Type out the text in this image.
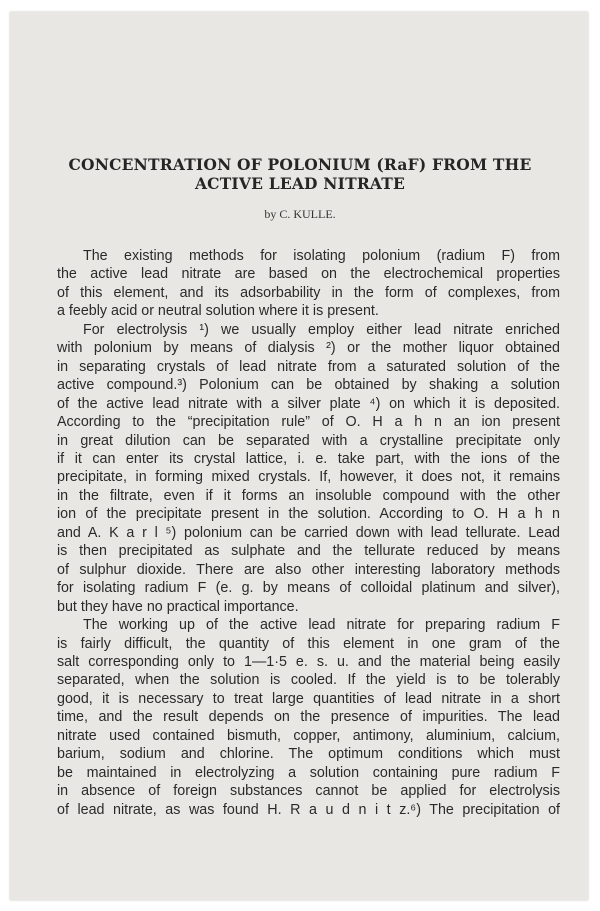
CONCENTRATION OF POLONIUM (RaF) FROM THE
ACTIVE LEAD NITRATE
by C. KULLE.
The existing methods for isolating polonium (radium F) from
the active lead nitrate are based on the electrochemical properties
of this element, and its adsorbability in the form of complexes, from
a feebly acid or neutral solution where it is present.
For electrolysis ¹) we usually employ either lead nitrate enriched
with polonium by means of dialysis ²) or the mother liquor obtained
in separating crystals of lead nitrate from a saturated solution of the
active compound.³) Polonium can be obtained by shaking a solution
of the active lead nitrate with a silver plate ⁴) on which it is deposited.
According to the “precipitation rule” of O. H a h n an ion present
in great dilution can be separated with a crystalline precipitate only
if it can enter its crystal lattice, i. e. take part, with the ions of the
precipitate, in forming mixed crystals. If, however, it does not, it remains
in the filtrate, even if it forms an insoluble compound with the other
ion of the precipitate present in the solution. According to O. H a h n
and A. K a r l ⁵) polonium can be carried down with lead tellurate. Lead
is then precipitated as sulphate and the tellurate reduced by means
of sulphur dioxide. There are also other interesting laboratory methods
for isolating radium F (e. g. by means of colloidal platinum and silver),
but they have no practical importance.
The working up of the active lead nitrate for preparing radium F
is fairly difficult, the quantity of this element in one gram of the
salt corresponding only to 1—1·5 e. s. u. and the material being easily
separated, when the solution is cooled. If the yield is to be tolerably
good, it is necessary to treat large quantities of lead nitrate in a short
time, and the result depends on the presence of impurities. The lead
nitrate used contained bismuth, copper, antimony, aluminium, calcium,
barium, sodium and chlorine. The optimum conditions which must
be maintained in electrolyzing a solution containing pure radium F
in absence of foreign substances cannot be applied for electrolysis
of lead nitrate, as was found H. R a u d n i t z.⁶) The precipitation of
